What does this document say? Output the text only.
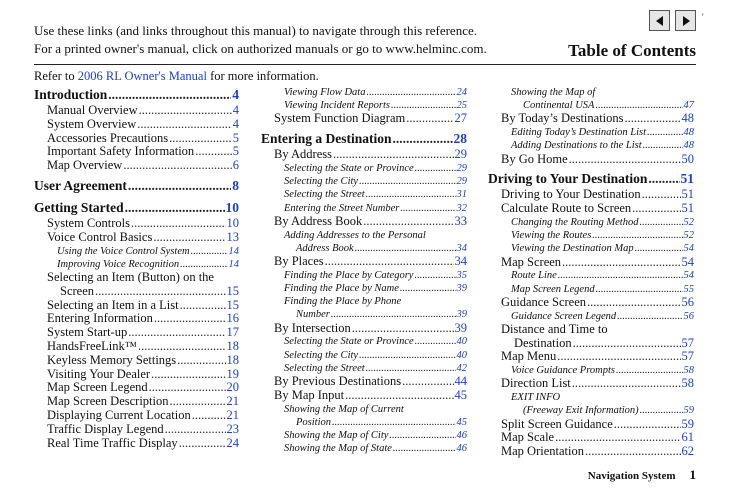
Use these links (and links throughout this manual) to navigate through this reference.
For a printed owner's manual, click on authorized manuals or go to www.helminc.com.
'
Table of Contents
Refer to 2006 RL Owner's Manual for more information.
Introduction .....	4
Manual Overview .....	4
System Overview .....	4
Accessories Precautions .....	5
Important Safety Information .....	5
Map Overview .....	6
User Agreement .....	8
Getting Started .....	10
System Controls .....	10
Voice Control Basics .....	13
Using the Voice Control System .....	14
Improving Voice Recognition .....	14
Selecting an Item (Button) on the
Screen .....	15
Selecting an Item in a List .....	15
Entering Information .....	16
System Start-up .....	17
HandsFreeLink™ .....	18
Keyless Memory Settings .....	18
Visiting Your Dealer .....	19
Map Screen Legend .....	20
Map Screen Description .....	21
Displaying Current Location .....	21
Traffic Display Legend .....	23
Real Time Traffic Display .....	24
Viewing Flow Data .....	24
Viewing Incident Reports .....	25
System Function Diagram .....	27
Entering a Destination .....	28
By Address .....	29
Selecting the State or Province .....	29
Selecting the City .....	29
Selecting the Street .....	31
Entering the Street Number .....	32
By Address Book .....	33
Adding Addresses to the Personal
Address Book .....	34
By Places .....	34
Finding the Place by Category .....	35
Finding the Place by Name .....	39
Finding the Place by Phone
Number .....	39
By Intersection .....	39
Selecting the State or Province .....	40
Selecting the City .....	40
Selecting the Street .....	42
By Previous Destinations .....	44
By Map Input .....	45
Showing the Map of Current
Position .....	45
Showing the Map of City .....	46
Showing the Map of State .....	46
Showing the Map of
Continental USA .....	47
By Today’s Destinations .....	48
Editing Today’s Destination List .....	48
Adding Destinations to the List .....	48
By Go Home .....	50
Driving to Your Destination ..... 51
Driving to Your Destination .....	51
Calculate Route to Screen .....	51
Changing the Routing Method .....	52
Viewing the Routes .....	52
Viewing the Destination Map .....	54
Map Screen .....	54
Route Line .....	54
Map Screen Legend .....	55
Guidance Screen .....	56
Guidance Screen Legend .....	56
Distance and Time to
Destination .....	57
Map Menu .....	57
Voice Guidance Prompts .....	58
Direction List .....	58
EXIT INFO
(Freeway Exit Information) .....	59
Split Screen Guidance .....	59
Map Scale .....	61
Map Orientation .....	62
Navigation System 1
